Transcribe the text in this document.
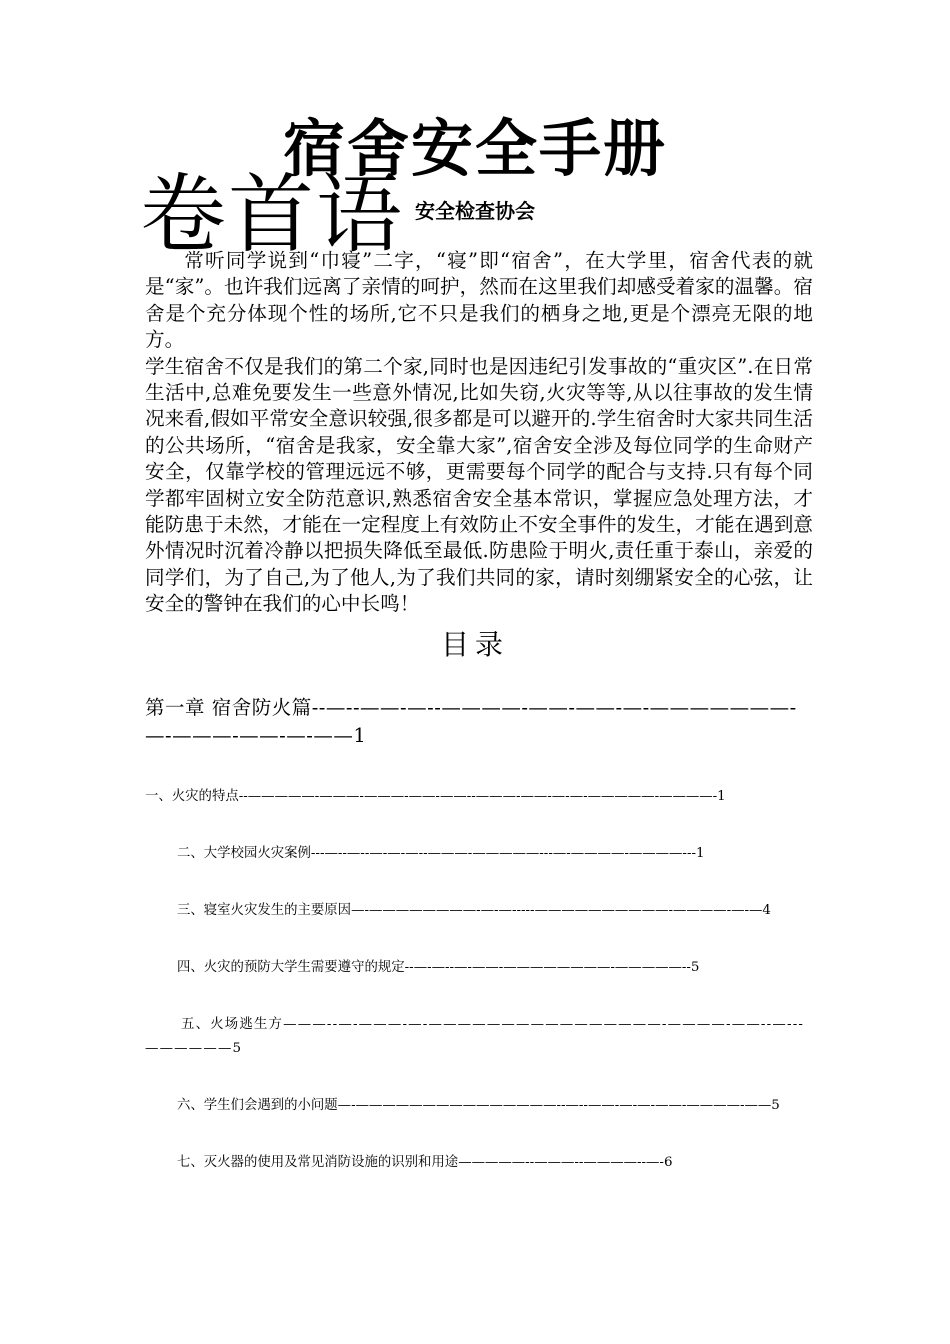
宿舍安全手册
卷首语 安全检查协会

常听同学说到“巾寝”二字，“寝”即“宿舍”，在大学里，宿舍代表的就是“家”。也许我们远离了亲情的呵护，然而在这里我们却感受着家的温馨。宿舍是个充分体现个性的场所,它不只是我们的栖身之地,更是个漂亮无限的地方。

学生宿舍不仅是我们的第二个家,同时也是因违纪引发事故的“重灾区”.在日常生活中,总难免要发生一些意外情况,比如失窃,火灾等等,从以往事故的发生情况来看,假如平常安全意识较强,很多都是可以避开的.学生宿舍时大家共同生活的公共场所，“宿舍是我家，安全靠大家”,宿舍安全涉及每位同学的生命财产安全，仅靠学校的管理远远不够，更需要每个同学的配合与支持.只有每个同学都牢固树立安全防范意识,熟悉宿舍安全基本常识，掌握应急处理方法，才能防患于未然，才能在一定程度上有效防止不安全事件的发生，才能在遇到意外情况时沉着冷静以把损失降低至最低.防患险于明火,责任重于泰山，亲爱的同学们，为了自己,为了他人,为了我们共同的家，请时刻绷紧安全的心弦，让安全的警钟在我们的心中长鸣！

目录
第一章 宿舍防火篇--—--——-—--————-——-——-—-———————-—-———-——-—-——1
一、火灾的特点--—————-———-———-——-——--———-——-—-—-—————-————-1
二、大学校园火灾案例---—--—--—-—-—--———-—————---—-————-————---1
三、寝室火灾发生的主要原因—-————————-—-—-----——————————-————-—-—4
四、火灾的预防大学生需要遵守的规定--—-—--—-——-————————-—————--5
五、火场逃生方———--—-———-—-————————————————-————-——--—---——————5
六、学生们会遇到的小问题—-———————————————--—--——-—-—-——-————-——5
七、灭火器的使用及常见消防设施的识别和用途—————--———--————--—-6
